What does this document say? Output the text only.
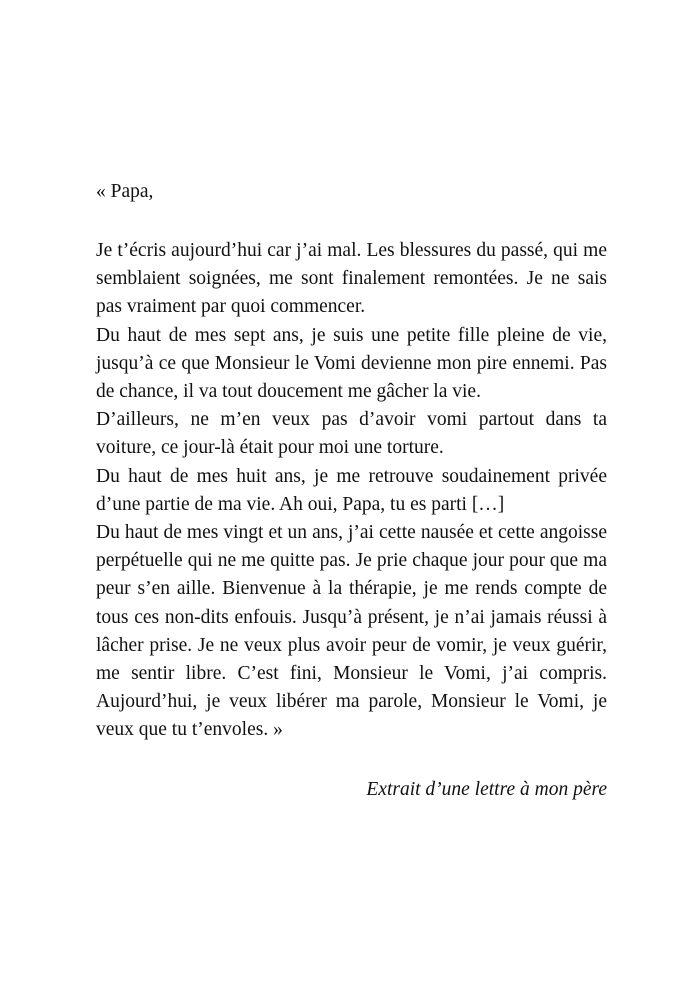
« Papa,

Je t’écris aujourd’hui car j’ai mal. Les blessures du passé, qui me semblaient soignées, me sont finalement remontées. Je ne sais pas vraiment par quoi commencer.

Du haut de mes sept ans, je suis une petite fille pleine de vie, jusqu’à ce que Monsieur le Vomi devienne mon pire ennemi. Pas de chance, il va tout doucement me gâcher la vie.

D’ailleurs, ne m’en veux pas d’avoir vomi partout dans ta voiture, ce jour-là était pour moi une torture.

Du haut de mes huit ans, je me retrouve soudainement privée d’une partie de ma vie. Ah oui, Papa, tu es parti […]

Du haut de mes vingt et un ans, j’ai cette nausée et cette angoisse perpétuelle qui ne me quitte pas. Je prie chaque jour pour que ma peur s’en aille. Bienvenue à la thérapie, je me rends compte de tous ces non-dits enfouis. Jusqu’à présent, je n’ai jamais réussi à lâcher prise. Je ne veux plus avoir peur de vomir, je veux guérir, me sentir libre. C’est fini, Monsieur le Vomi, j’ai compris. Aujourd’hui, je veux libérer ma parole, Monsieur le Vomi, je veux que tu t’envoles. »

Extrait d’une lettre à mon père
